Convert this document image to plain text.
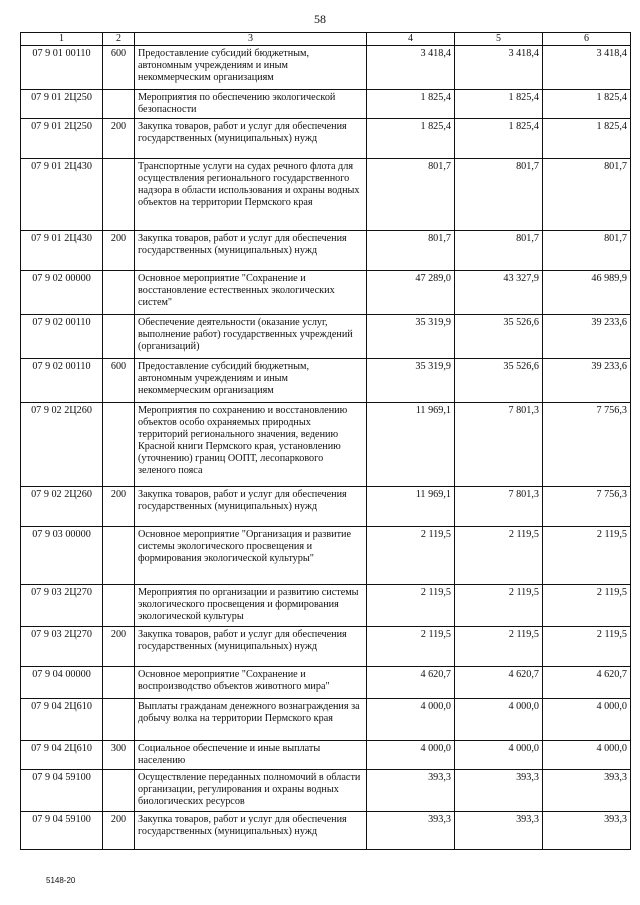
58
1	2	3	4	5	6
07 9 01 00110	600	Предоставление субсидий бюджетным, автономным учреждениям и иным некоммерческим организациям	3 418,4	3 418,4	3 418,4
07 9 01 2Ц250		Мероприятия по обеспечению экологической безопасности	1 825,4	1 825,4	1 825,4
07 9 01 2Ц250	200	Закупка товаров, работ и услуг для обеспечения государственных (муниципальных) нужд	1 825,4	1 825,4	1 825,4
07 9 01 2Ц430		Транспортные услуги на судах речного флота для осуществления регионального государственного надзора в области использования и охраны водных объектов на территории Пермского края	801,7	801,7	801,7
07 9 01 2Ц430	200	Закупка товаров, работ и услуг для обеспечения государственных (муниципальных) нужд	801,7	801,7	801,7
07 9 02 00000		Основное мероприятие "Сохранение и восстановление естественных экологических систем"	47 289,0	43 327,9	46 989,9
07 9 02 00110		Обеспечение деятельности (оказание услуг, выполнение работ) государственных учреждений (организаций)	35 319,9	35 526,6	39 233,6
07 9 02 00110	600	Предоставление субсидий бюджетным, автономным учреждениям и иным некоммерческим организациям	35 319,9	35 526,6	39 233,6
07 9 02 2Ц260		Мероприятия по сохранению и восстановлению объектов особо охраняемых природных территорий регионального значения, ведению Красной книги Пермского края, установлению (уточнению) границ ООПТ, лесопаркового зеленого пояса	11 969,1	7 801,3	7 756,3
07 9 02 2Ц260	200	Закупка товаров, работ и услуг для обеспечения государственных (муниципальных) нужд	11 969,1	7 801,3	7 756,3
07 9 03 00000		Основное мероприятие "Организация и развитие системы экологического просвещения и формирования экологической культуры"	2 119,5	2 119,5	2 119,5
07 9 03 2Ц270		Мероприятия по организации и развитию системы экологического просвещения и формирования экологической культуры	2 119,5	2 119,5	2 119,5
07 9 03 2Ц270	200	Закупка товаров, работ и услуг для обеспечения государственных (муниципальных) нужд	2 119,5	2 119,5	2 119,5
07 9 04 00000		Основное мероприятие "Сохранение и воспроизводство объектов животного мира"	4 620,7	4 620,7	4 620,7
07 9 04 2Ц610		Выплаты гражданам денежного вознаграждения за добычу волка на территории Пермского края	4 000,0	4 000,0	4 000,0
07 9 04 2Ц610	300	Социальное обеспечение и иные выплаты населению	4 000,0	4 000,0	4 000,0
07 9 04 59100		Осуществление переданных полномочий в области организации, регулирования и охраны водных биологических ресурсов	393,3	393,3	393,3
07 9 04 59100	200	Закупка товаров, работ и услуг для обеспечения государственных (муниципальных) нужд	393,3	393,3	393,3
5148-20
